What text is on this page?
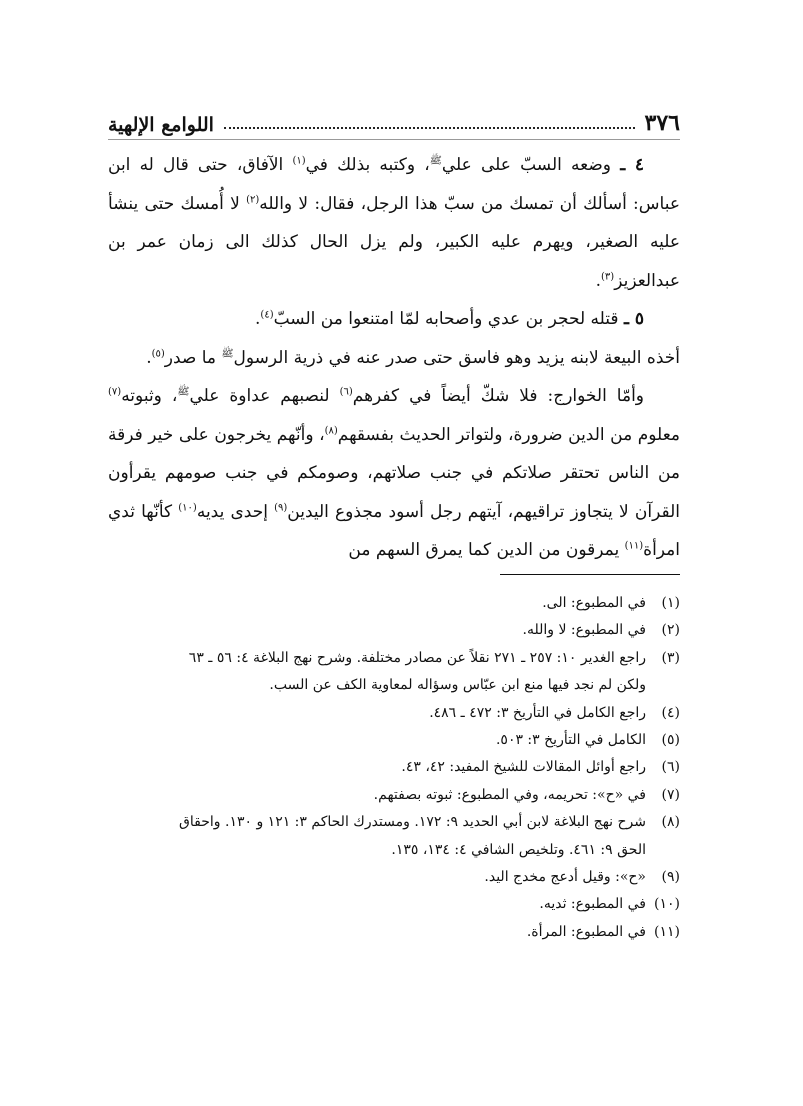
٣٧٦
اللوامع الإلهية

٤ ـ وضعه السبّ على علي$^ﷺ$، وكتبه بذلك في$^{(١)}$ الآفاق، حتى قال له ابن عباس: أسألك أن تمسك من سبّ هذا الرجل، فقال: لا والله$^{(٢)}$ لا أُمسك حتى ينشأ عليه الصغير، ويهرم عليه الكبير، ولم يزل الحال كذلك الى زمان عمر بن عبدالعزيز$^{(٣)}$.

٥ ـ قتله لحجر بن عدي وأصحابه لمّا امتنعوا من السبّ$^{(٤)}$.

أخذه البيعة لابنه يزيد وهو فاسق حتى صدر عنه في ذرية الرسول$^ﷺ$ ما صدر$^{(٥)}$.

وأمّا الخوارج: فلا شكّ أيضاً في كفرهم$^{(٦)}$ لنصبهم عداوة علي$^ﷺ$، وثبوته$^{(٧)}$ معلوم من الدين ضرورة، ولتواتر الحديث بفسقهم$^{(٨)}$، وأنّهم يخرجون على خير فرقة من الناس تحتقر صلاتكم في جنب صلاتهم، وصومكم في جنب صومهم يقرأون القرآن لا يتجاوز تراقيهم، آيتهم رجل أسود مجذوع اليدين$^{(٩)}$ إحدى يديه$^{(١٠)}$ كأنّها ثدي امرأة$^{(١١)}$ يمرقون من الدين كما يمرق السهم من

(١)
في المطبوع: الى.
(٢)
في المطبوع: لا والله.
(٣)
راجع الغدير ١٠: ٢٥٧ ـ ٢٧١ نقلاً عن مصادر مختلفة. وشرح نهج البلاغة ٤: ٥٦ ـ ٦٣
ولكن لم نجد فيها منع ابن عبّاس وسؤاله لمعاوية الكف عن السب.
(٤)
راجع الكامل في التأريخ ٣: ٤٧٢ ـ ٤٨٦.
(٥)
الكامل في التأريخ ٣: ٥٠٣.
(٦)
راجع أوائل المقالات للشيخ المفيد: ٤٢، ٤٣.
(٧)
في «ح»: تحريمه، وفي المطبوع: ثبوته بصفتهم.
(٨)
شرح نهج البلاغة لابن أبي الحديد ٩: ١٧٢. ومستدرك الحاكم ٣: ١٢١ و ١٣٠. واحقاق
الحق ٩: ٤٦١. وتلخيص الشافي ٤: ١٣٤، ١٣٥.
(٩)
«ح»: وقيل أدعج مخدج اليد.
(١٠)
في المطبوع: ثديه.
(١١)
في المطبوع: المرأة.
